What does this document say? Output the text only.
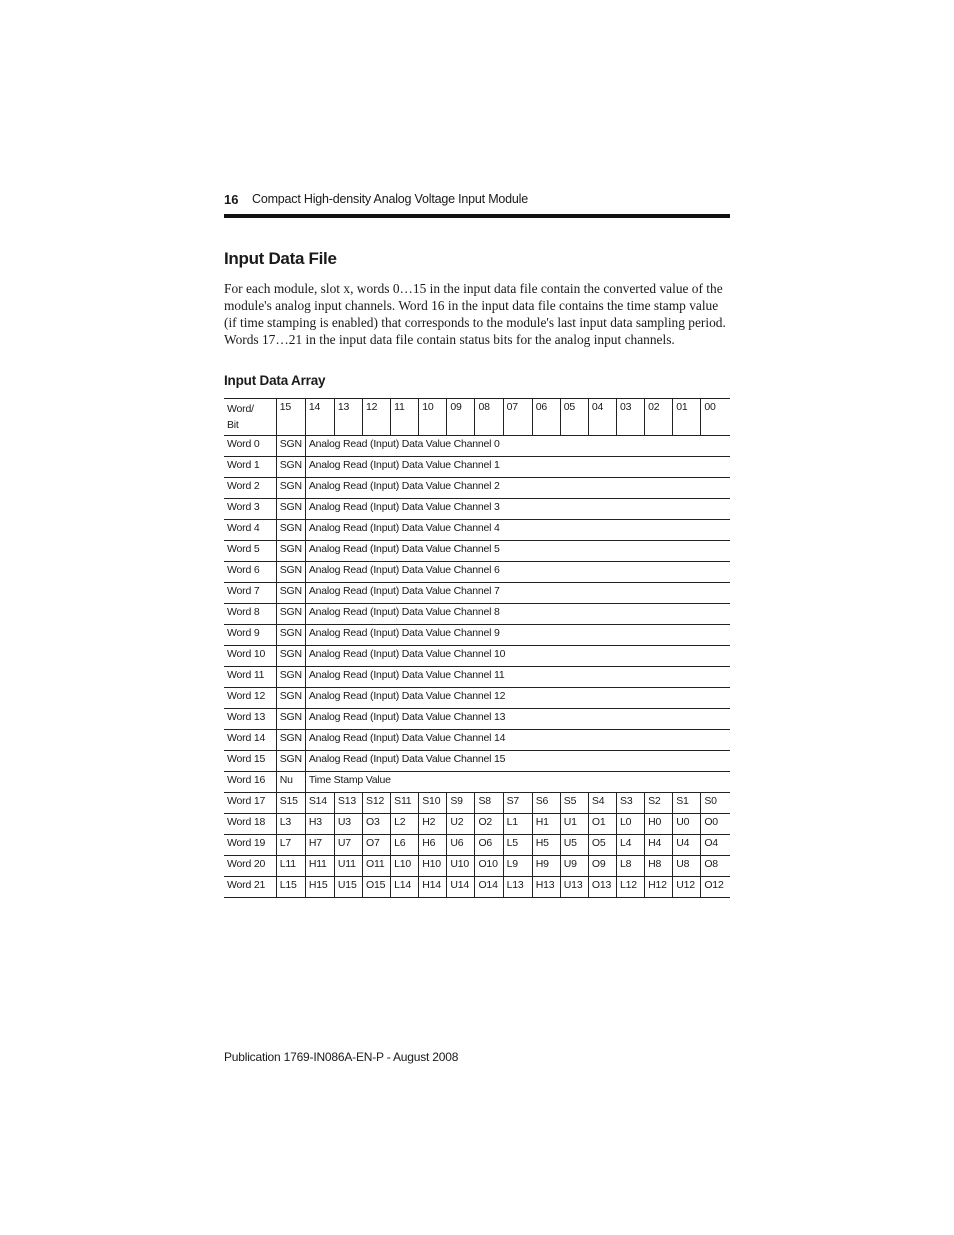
16 Compact High-density Analog Voltage Input Module
Input Data File

For each module, slot x, words 0…15 in the input data file contain the converted value of the module's analog input channels. Word 16 in the input data file contains the time stamp value (if time stamping is enabled) that corresponds to the module's last input data sampling period. Words 17…21 in the input data file contain status bits for the analog input channels.

Input Data Array
Word/
Bit	15	14	13	12	11	10	09	08	07	06	05	04	03	02	01	00
Word 0	SGN	Analog Read (Input) Data Value Channel 0														
Word 1	SGN	Analog Read (Input) Data Value Channel 1														
Word 2	SGN	Analog Read (Input) Data Value Channel 2														
Word 3	SGN	Analog Read (Input) Data Value Channel 3														
Word 4	SGN	Analog Read (Input) Data Value Channel 4														
Word 5	SGN	Analog Read (Input) Data Value Channel 5														
Word 6	SGN	Analog Read (Input) Data Value Channel 6														
Word 7	SGN	Analog Read (Input) Data Value Channel 7														
Word 8	SGN	Analog Read (Input) Data Value Channel 8														
Word 9	SGN	Analog Read (Input) Data Value Channel 9														
Word 10	SGN	Analog Read (Input) Data Value Channel 10														
Word 11	SGN	Analog Read (Input) Data Value Channel 11														
Word 12	SGN	Analog Read (Input) Data Value Channel 12														
Word 13	SGN	Analog Read (Input) Data Value Channel 13														
Word 14	SGN	Analog Read (Input) Data Value Channel 14														
Word 15	SGN	Analog Read (Input) Data Value Channel 15														
Word 16	Nu	Time Stamp Value														
Word 17	S15	S14	S13	S12	S11	S10	S9	S8	S7	S6	S5	S4	S3	S2	S1	S0
Word 18	L3	H3	U3	O3	L2	H2	U2	O2	L1	H1	U1	O1	L0	H0	U0	O0
Word 19	L7	H7	U7	O7	L6	H6	U6	O6	L5	H5	U5	O5	L4	H4	U4	O4
Word 20	L11	H11	U11	O11	L10	H10	U10	O10	L9	H9	U9	O9	L8	H8	U8	O8
Word 21	L15	H15	U15	O15	L14	H14	U14	O14	L13	H13	U13	O13	L12	H12	U12	O12
Publication 1769-IN086A-EN-P - August 2008
